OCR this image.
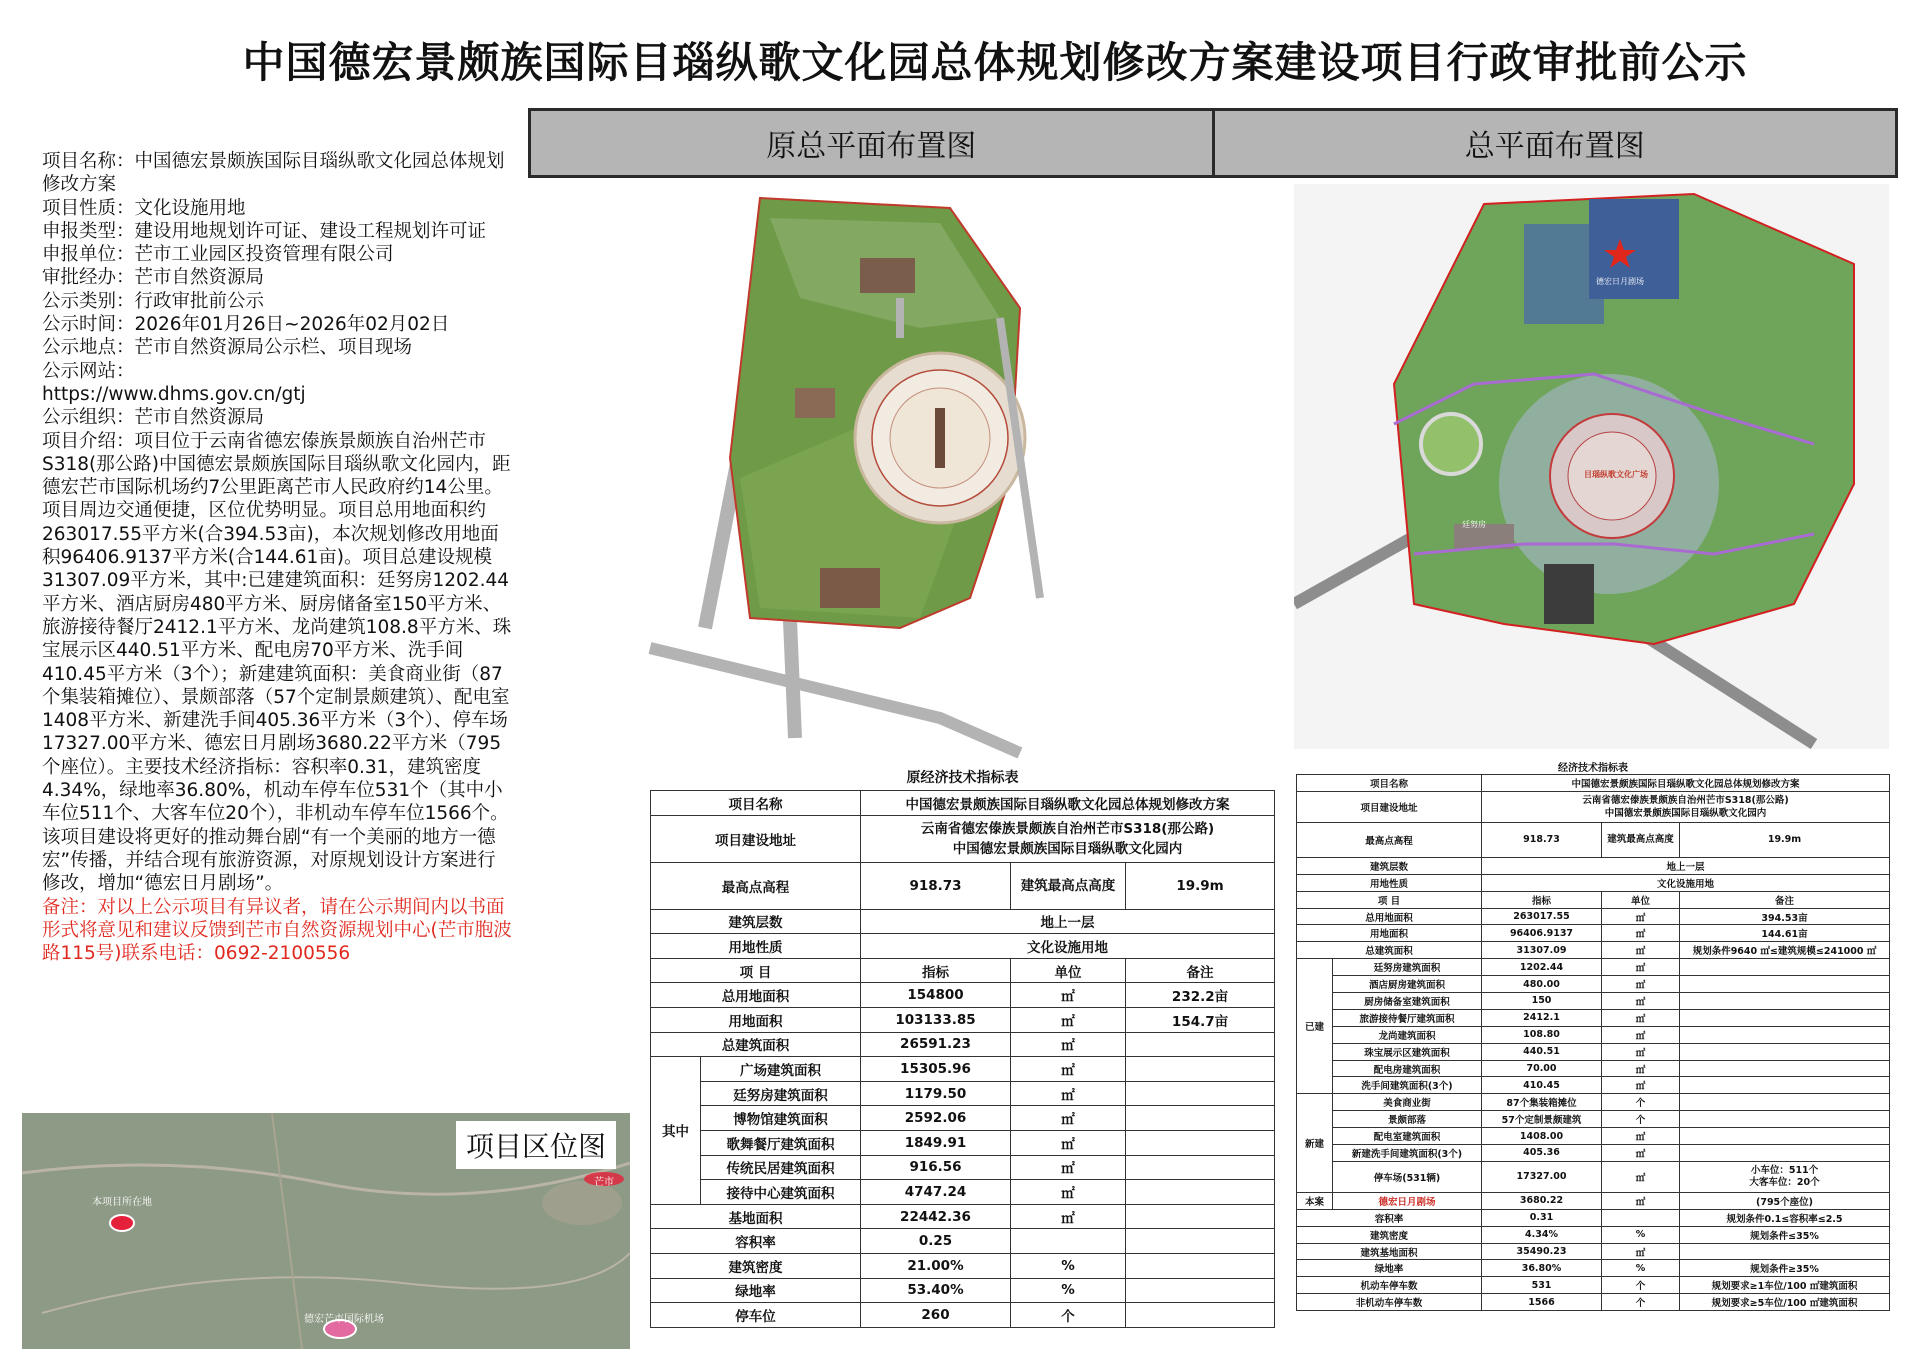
中国德宏景颇族国际目瑙纵歌文化园总体规划修改方案建设项目行政审批前公示
原总平面布置图	总平面布置图
项目名称：中国德宏景颇族国际目瑙纵歌文化园总体规划修改方案
项目性质：文化设施用地
申报类型：建设用地规划许可证、建设工程规划许可证
申报单位：芒市工业园区投资管理有限公司
审批经办：芒市自然资源局
公示类别：行政审批前公示
公示时间：2026年01月26日~2026年02月02日
公示地点：芒市自然资源局公示栏、项目现场
公示网站：
https://www.dhms.gov.cn/gtj
公示组织：芒市自然资源局
项目介绍：项目位于云南省德宏傣族景颇族自治州芒市S318(那公路)中国德宏景颇族国际目瑙纵歌文化园内，距德宏芒市国际机场约7公里距离芒市人民政府约14公里。项目周边交通便捷，区位优势明显。项目总用地面积约263017.55平方米(合394.53亩)，本次规划修改用地面积96406.9137平方米(合144.61亩)。项目总建设规模31307.09平方米，其中:已建建筑面积：廷努房1202.44平方米、酒店厨房480平方米、厨房储备室150平方米、旅游接待餐厅2412.1平方米、龙尚建筑108.8平方米、珠宝展示区440.51平方米、配电房70平方米、洗手间410.45平方米（3个）；新建建筑面积：美食商业街（87个集装箱摊位）、景颇部落（57个定制景颇建筑）、配电室1408平方米、新建洗手间405.36平方米（3个）、停车场17327.00平方米、德宏日月剧场3680.22平方米（795个座位）。主要技术经济指标：容积率0.31，建筑密度4.34%，绿地率36.80%，机动车停车位531个（其中小车位511个、大客车位20个），非机动车停车位1566个。
该项目建设将更好的推动舞台剧“有一个美丽的地方一德宏”传播，并结合现有旅游资源，对原规划设计方案进行修改，增加“德宏日月剧场”。
备注：对以上公示项目有异议者，请在公示期间内以书面形式将意见和建议反馈到芒市自然资源规划中心(芒市胞波路115号)联系电话：0692-2100556
本项目所在地
芒市
德宏芒市国际机场
项目区位图
德宏日月剧场
目瑙纵歌文化广场
廷努房
原经济技术指标表				
项目名称		中国德宏景颇族国际目瑙纵歌文化园总体规划修改方案		
项目建设地址		云南省德宏傣族景颇族自治州芒市S318(那公路)
中国德宏景颇族国际目瑙纵歌文化园内		

最高点高程		918.73	建筑最高点高度	19.9m
建筑层数		地上一层		
用地性质		文化设施用地		
项 目		指标	单位	备注
总用地面积		154800	㎡	232.2亩
用地面积		103133.85	㎡	154.7亩
总建筑面积		26591.23	㎡	
其中	广场建筑面积	15305.96	㎡	
	廷努房建筑面积	1179.50	㎡	
	博物馆建筑面积	2592.06	㎡	
	歌舞餐厅建筑面积	1849.91	㎡	
	传统民居建筑面积	916.56	㎡	
	接待中心建筑面积	4747.24	㎡	
基地面积		22442.36	㎡	
容积率		0.25		
建筑密度		21.00%	%	
绿地率		53.40%	%	
停车位		260	个	
经济技术指标表				
项目名称		中国德宏景颇族国际目瑙纵歌文化园总体规划修改方案		
项目建设地址		云南省德宏傣族景颇族自治州芒市S318(那公路)
中国德宏景颇族国际目瑙纵歌文化园内		

最高点高程		918.73	建筑最高点高度	19.9m
建筑层数		地上一层		
用地性质		文化设施用地		
项 目		指标	单位	备注
总用地面积		263017.55	㎡	394.53亩
用地面积		96406.9137	㎡	144.61亩
总建筑面积		31307.09	㎡	规划条件9640 ㎡≤建筑规模≤241000 ㎡
已建	廷努房建筑面积	1202.44	㎡	
	酒店厨房建筑面积	480.00	㎡	
	厨房储备室建筑面积	150	㎡	
	旅游接待餐厅建筑面积	2412.1	㎡	
	龙尚建筑面积	108.80	㎡	
	珠宝展示区建筑面积	440.51	㎡	
	配电房建筑面积	70.00	㎡	
	洗手间建筑面积(3个)	410.45	㎡	
新建	美食商业街	87个集装箱摊位	个	
	景颇部落	57个定制景颇建筑	个	
	配电室建筑面积	1408.00	㎡	
	新建洗手间建筑面积(3个)	405.36	㎡	
	停车场(531辆)	17327.00	㎡	小车位：511个
大客车位：20个

本案	德宏日月剧场	3680.22	㎡	(795个座位)
容积率		0.31		规划条件0.1≤容积率≤2.5
建筑密度		4.34%	%	规划条件≤35%
建筑基地面积		35490.23	㎡	
绿地率		36.80%	%	规划条件≥35%
机动车停车数		531	个	规划要求≥1车位/100 ㎡建筑面积
非机动车停车数		1566	个	规划要求≥5车位/100 ㎡建筑面积
